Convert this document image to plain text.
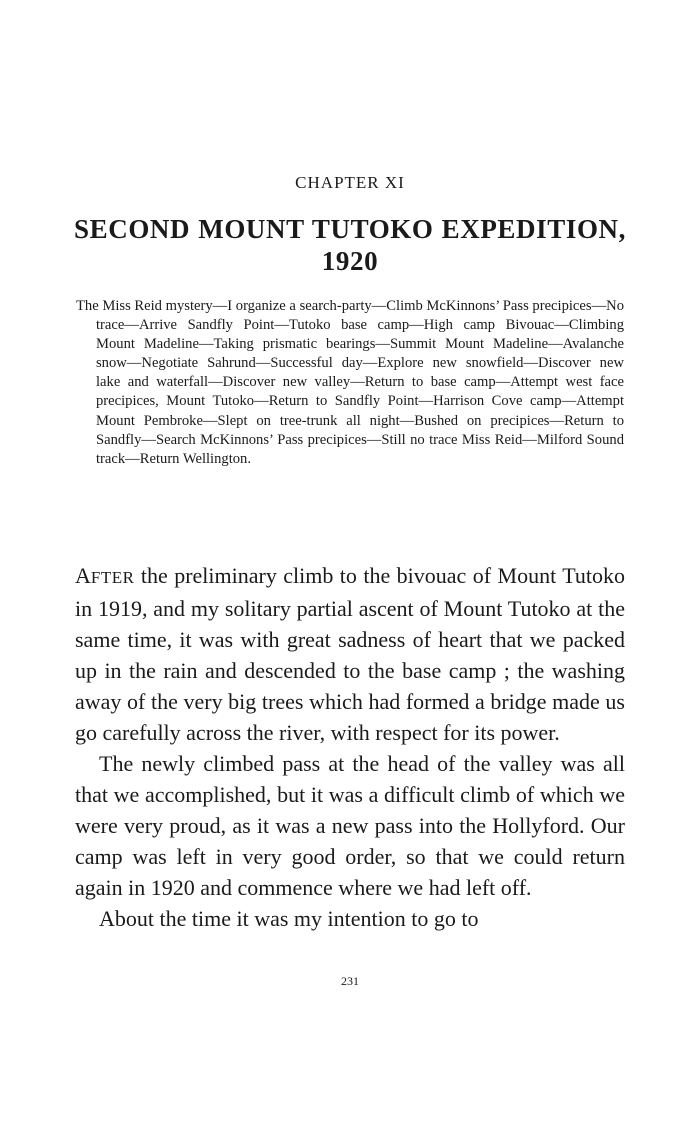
CHAPTER XI
SECOND MOUNT TUTOKO EXPEDITION,
1920
The Miss Reid mystery—I organize a search-party—Climb McKinnons’ Pass precipices—No trace—Arrive Sandfly Point—Tutoko base camp—High camp Bivouac—Climbing Mount Madeline—Taking prismatic bearings—Summit Mount Madeline—Avalanche snow—Negotiate Sahrund—Successful day—Explore new snowfield—Discover new lake and waterfall—Discover new valley—Return to base camp—Attempt west face precipices, Mount Tutoko—Return to Sandfly Point—Harrison Cove camp—Attempt Mount Pembroke—Slept on tree-trunk all night—Bushed on precipices—Return to Sandfly—Search McKinnons’ Pass precipices—Still no trace Miss Reid—Milford Sound track—Return Wellington.

AFTER the preliminary climb to the bivouac of Mount Tutoko in 1919, and my solitary partial ascent of Mount Tutoko at the same time, it was with great sadness of heart that we packed up in the rain and descended to the base camp ; the washing away of the very big trees which had formed a bridge made us go carefully across the river, with respect for its power.

The newly climbed pass at the head of the valley was all that we accomplished, but it was a difficult climb of which we were very proud, as it was a new pass into the Hollyford. Our camp was left in very good order, so that we could return again in 1920 and commence where we had left off.

About the time it was my intention to go to

231
